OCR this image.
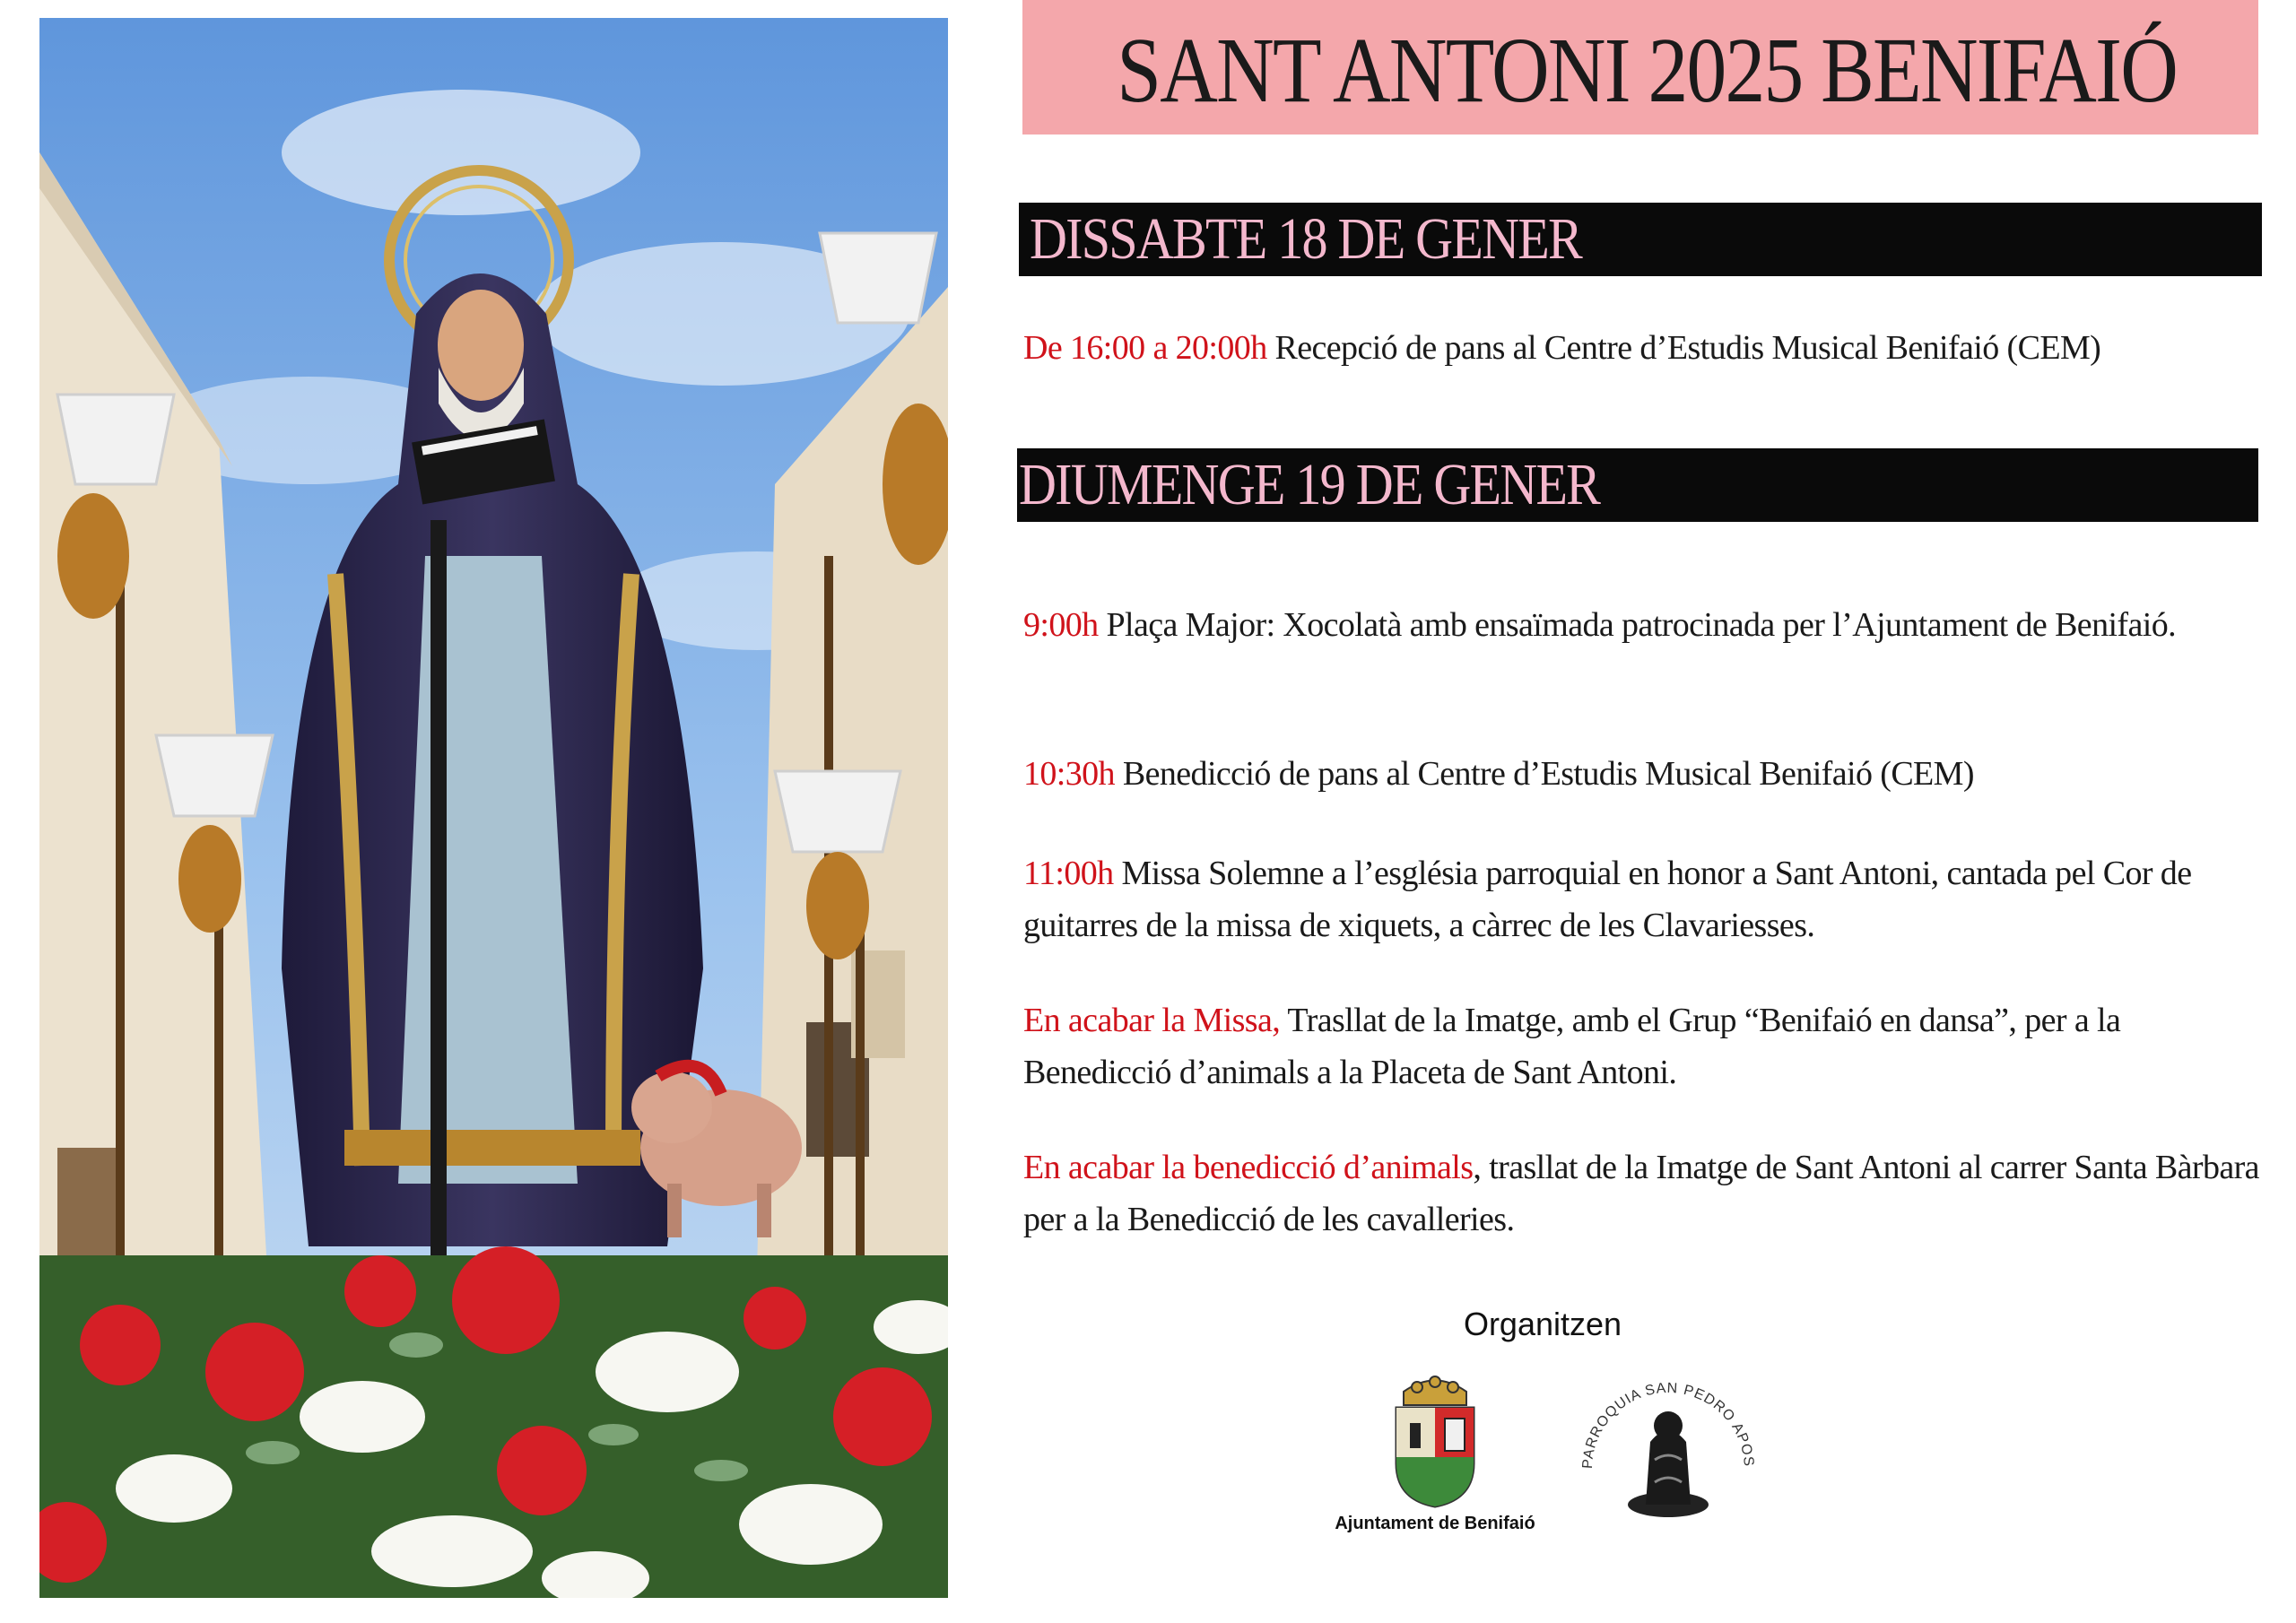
SANT ANTONI 2025 BENIFAIÓ
DISSABTE 18 DE GENER
De 16:00 a 20:00h Recepció de pans al Centre d’Estudis Musical Benifaió (CEM)
DIUMENGE 19 DE GENER
9:00h Plaça Major: Xocolatà amb ensaïmada patrocinada per l’Ajuntament de Benifaió.
10:30h Benedicció de pans al Centre d’Estudis Musical Benifaió (CEM)
11:00h Missa Solemne a l’església parroquial en honor a Sant Antoni, cantada pel Cor de guitarres de la missa de xiquets, a càrrec de les Clavariesses.
En acabar la Missa, Trasllat de la Imatge, amb el Grup “Benifaió en dansa”, per a la Benedicció d’animals a la Placeta de Sant Antoni.
En acabar la benedicció d’animals, trasllat de la Imatge de Sant Antoni al carrer Santa Bàrbara per a la Benedicció de les cavalleries.
Organitzen
Ajuntament de Benifaió
PARROQUIA SAN PEDRO APOS
